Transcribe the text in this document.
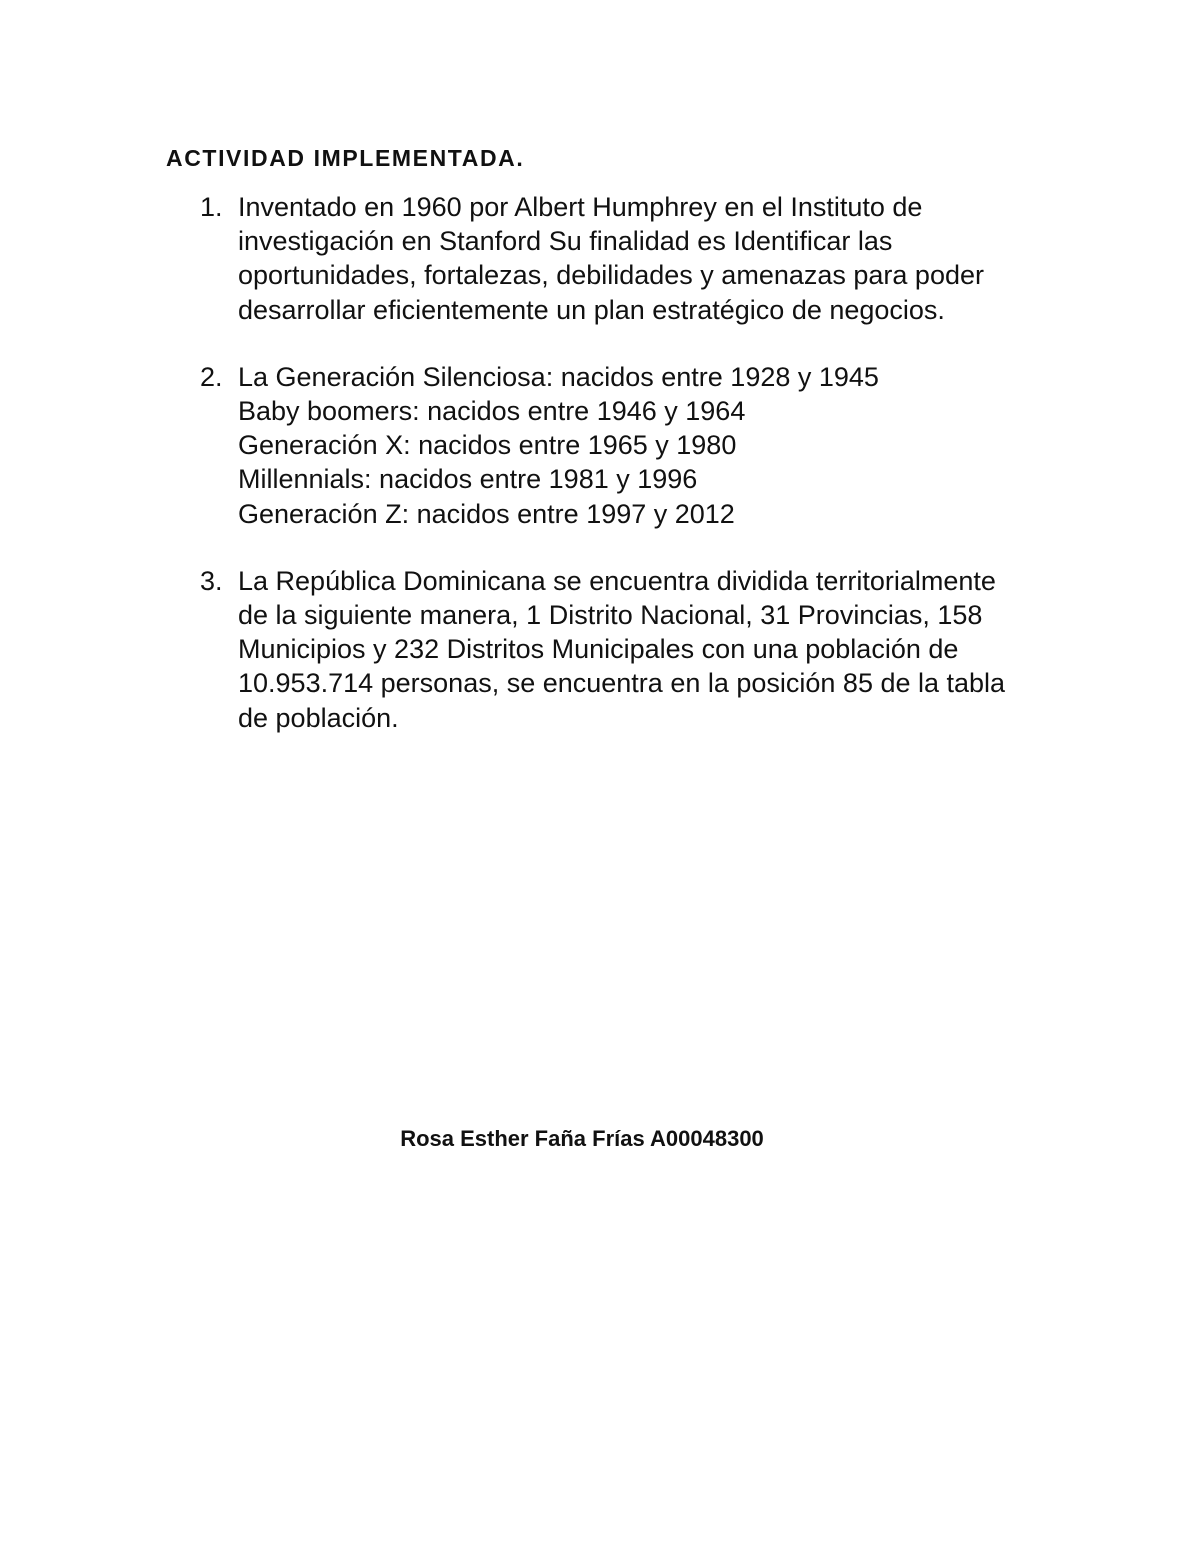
ACTIVIDAD IMPLEMENTADA.
1. Inventado en 1960 por Albert Humphrey en el Instituto de
investigación en Stanford Su finalidad es Identificar las
oportunidades, fortalezas, debilidades y amenazas para poder
desarrollar eficientemente un plan estratégico de negocios.
2. La Generación Silenciosa: nacidos entre 1928 y 1945
Baby boomers: nacidos entre 1946 y 1964
Generación X: nacidos entre 1965 y 1980
Millennials: nacidos entre 1981 y 1996
Generación Z: nacidos entre 1997 y 2012
3. La República Dominicana se encuentra dividida territorialmente
de la siguiente manera, 1 Distrito Nacional, 31 Provincias, 158
Municipios y 232 Distritos Municipales con una población de
10.953.714 personas, se encuentra en la posición 85 de la tabla
de población.

Rosa Esther Faña Frías A00048300
